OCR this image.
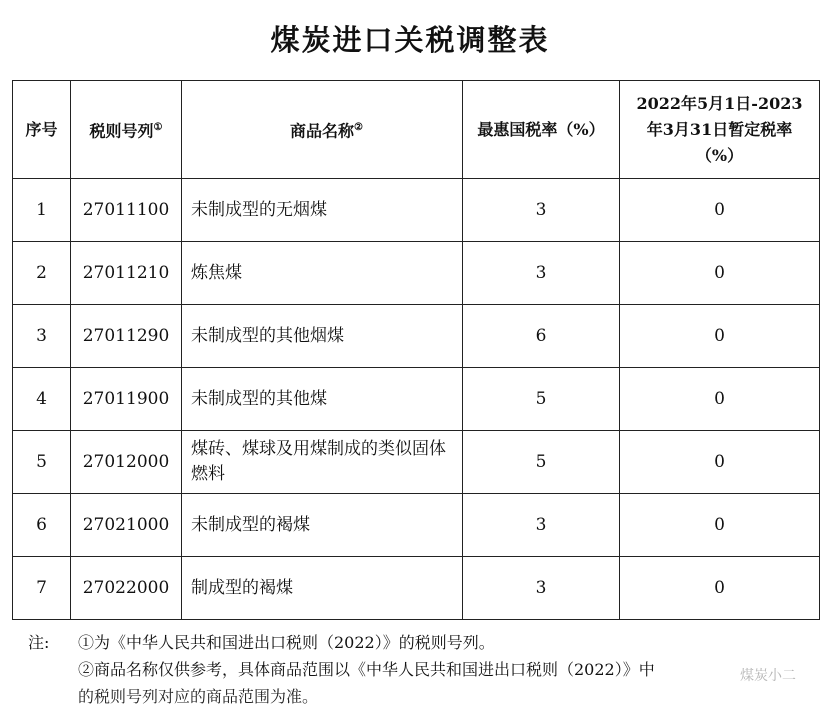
煤炭进口关税调整表
序号	税则号列①	商品名称②	最惠国税率（%）	2022年5月1日-2023
年3月31日暂定税率
（%）

1	27011100	未制成型的无烟煤	3	0
2	27011210	炼焦煤	3	0
3	27011290	未制成型的其他烟煤	6	0
4	27011900	未制成型的其他煤	5	0
5	27012000	煤砖、煤球及用煤制成的类似固体燃料	5	0
6	27021000	未制成型的褐煤	3	0
7	27022000	制成型的褐煤	3	0
注: ①为《中华人民共和国进出口税则（2022）》的税则号列。
②商品名称仅供参考，具体商品范围以《中华人民共和国进出口税则（2022）》中
的税则号列对应的商品范围为准。
煤炭小二
